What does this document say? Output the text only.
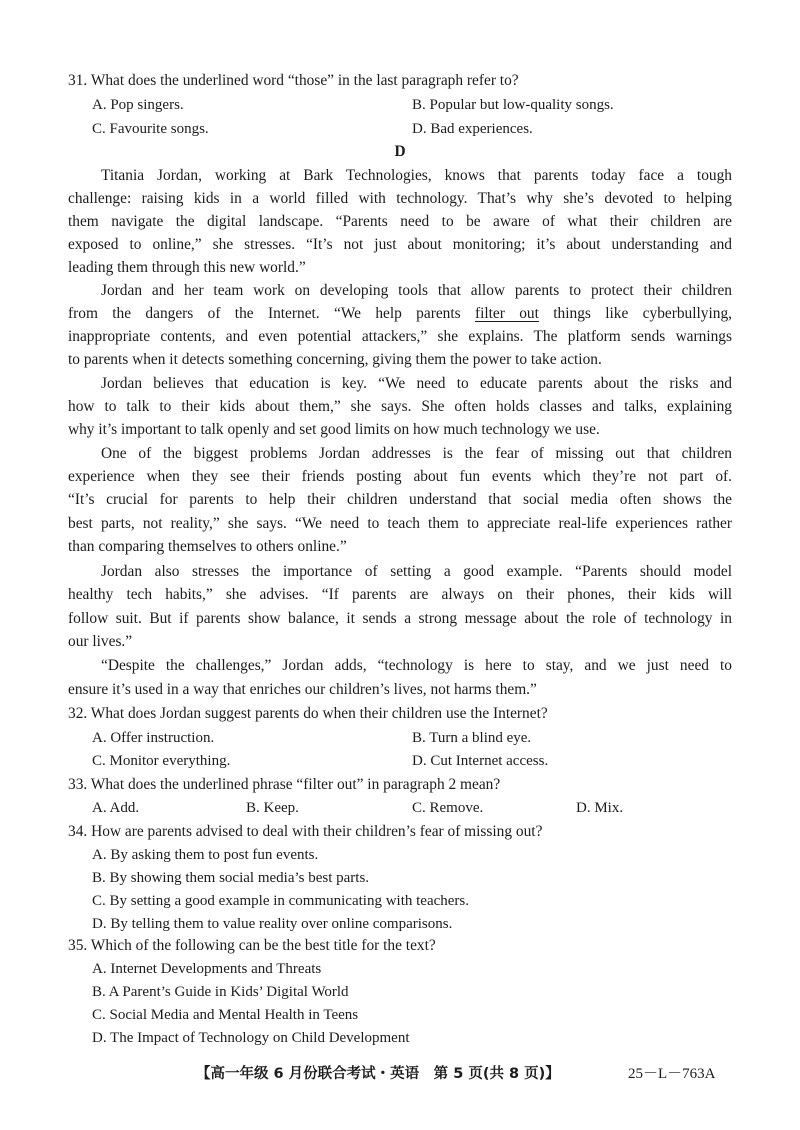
31. What does the underlined word “those” in the last paragraph refer to?
A. Pop singers.	B. Popular but low-quality songs.
C. Favourite songs.	D. Bad experiences.
D
Titania Jordan, working at Bark Technologies, knows that parents today face a tough
challenge: raising kids in a world filled with technology. That’s why she’s devoted to helping
them navigate the digital landscape. “Parents need to be aware of what their children are
exposed to online,” she stresses. “It’s not just about monitoring; it’s about understanding and
leading them through this new world.”
Jordan and her team work on developing tools that allow parents to protect their children
from the dangers of the Internet. “We help parents filter out things like cyberbullying,
inappropriate contents, and even potential attackers,” she explains. The platform sends warnings
to parents when it detects something concerning, giving them the power to take action.
Jordan believes that education is key. “We need to educate parents about the risks and
how to talk to their kids about them,” she says. She often holds classes and talks, explaining
why it’s important to talk openly and set good limits on how much technology we use.
One of the biggest problems Jordan addresses is the fear of missing out that children
experience when they see their friends posting about fun events which they’re not part of.
“It’s crucial for parents to help their children understand that social media often shows the
best parts, not reality,” she says. “We need to teach them to appreciate real-life experiences rather
than comparing themselves to others online.”
Jordan also stresses the importance of setting a good example. “Parents should model
healthy tech habits,” she advises. “If parents are always on their phones, their kids will
follow suit. But if parents show balance, it sends a strong message about the role of technology in
our lives.”
“Despite the challenges,” Jordan adds, “technology is here to stay, and we just need to
ensure it’s used in a way that enriches our children’s lives, not harms them.”
32. What does Jordan suggest parents do when their children use the Internet?
A. Offer instruction.	B. Turn a blind eye.
C. Monitor everything.	D. Cut Internet access.
33. What does the underlined phrase “filter out” in paragraph 2 mean?
A. Add.	B. Keep.	C. Remove.	D. Mix.
34. How are parents advised to deal with their children’s fear of missing out?
A. By asking them to post fun events.
B. By showing them social media’s best parts.
C. By setting a good example in communicating with teachers.
D. By telling them to value reality over online comparisons.
35. Which of the following can be the best title for the text?
A. Internet Developments and Threats
B. A Parent’s Guide in Kids’ Digital World
C. Social Media and Mental Health in Teens
D. The Impact of Technology on Child Development
【高一年级 6 月份联合考试・英语　第 5 页(共 8 页)】	25－L－763A
